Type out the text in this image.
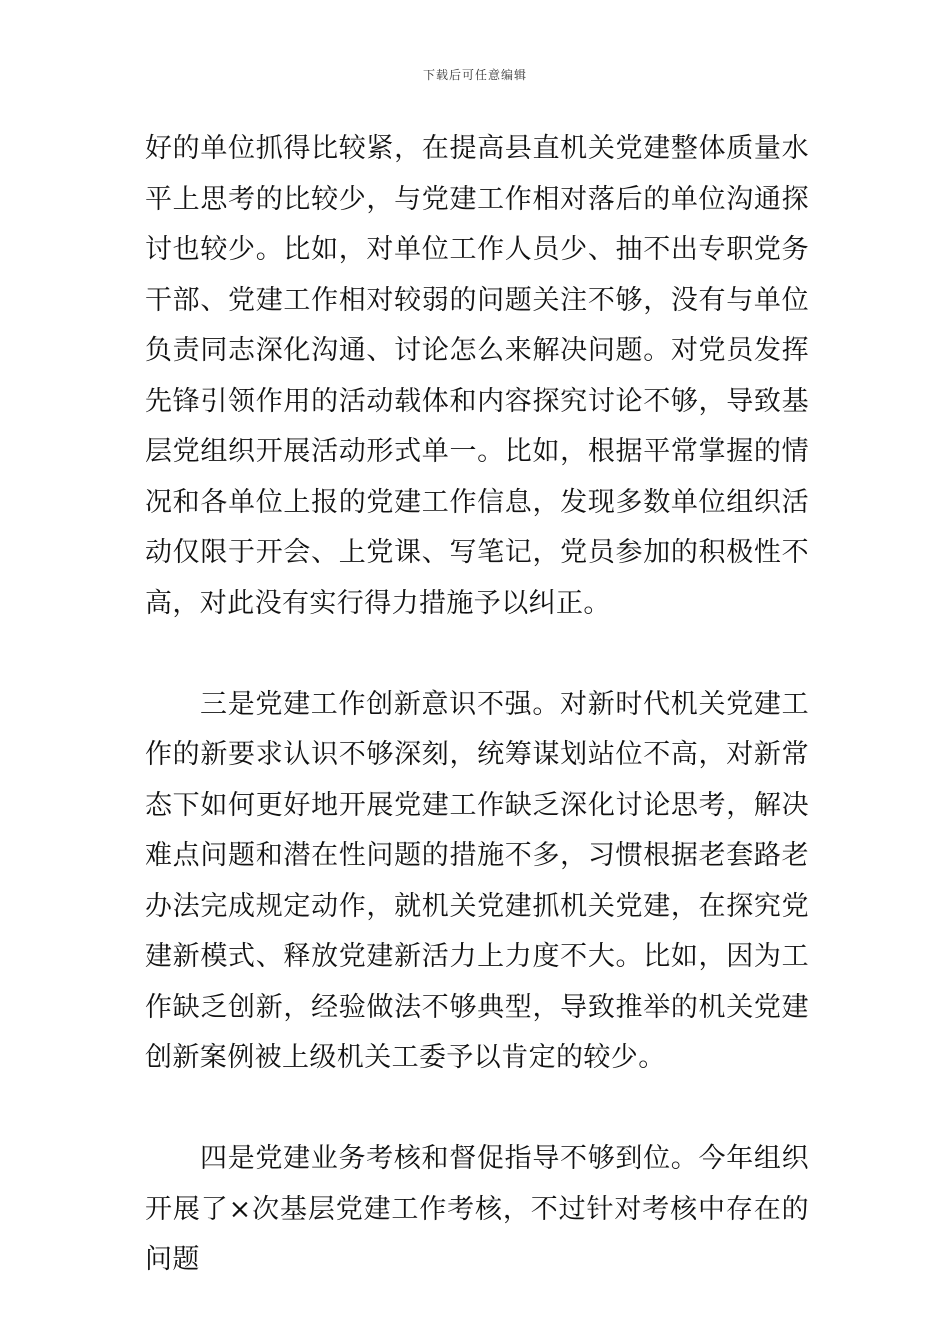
下载后可任意编辑

好的单位抓得比较紧，在提高县直机关党建整体质量水平上思考的比较少，与党建工作相对落后的单位沟通探讨也较少。比如，对单位工作人员少、抽不出专职党务干部、党建工作相对较弱的问题关注不够，没有与单位负责同志深化沟通、讨论怎么来解决问题。对党员发挥先锋引领作用的活动载体和内容探究讨论不够，导致基层党组织开展活动形式单一。比如，根据平常掌握的情况和各单位上报的党建工作信息，发现多数单位组织活动仅限于开会、上党课、写笔记，党员参加的积极性不高，对此没有实行得力措施予以纠正。

三是党建工作创新意识不强。对新时代机关党建工作的新要求认识不够深刻，统筹谋划站位不高，对新常态下如何更好地开展党建工作缺乏深化讨论思考，解决难点问题和潜在性问题的措施不多，习惯根据老套路老办法完成规定动作，就机关党建抓机关党建，在探究党建新模式、释放党建新活力上力度不大。比如，因为工作缺乏创新，经验做法不够典型，导致推举的机关党建创新案例被上级机关工委予以肯定的较少。

四是党建业务考核和督促指导不够到位。今年组织开展了×次基层党建工作考核，不过针对考核中存在的问题
